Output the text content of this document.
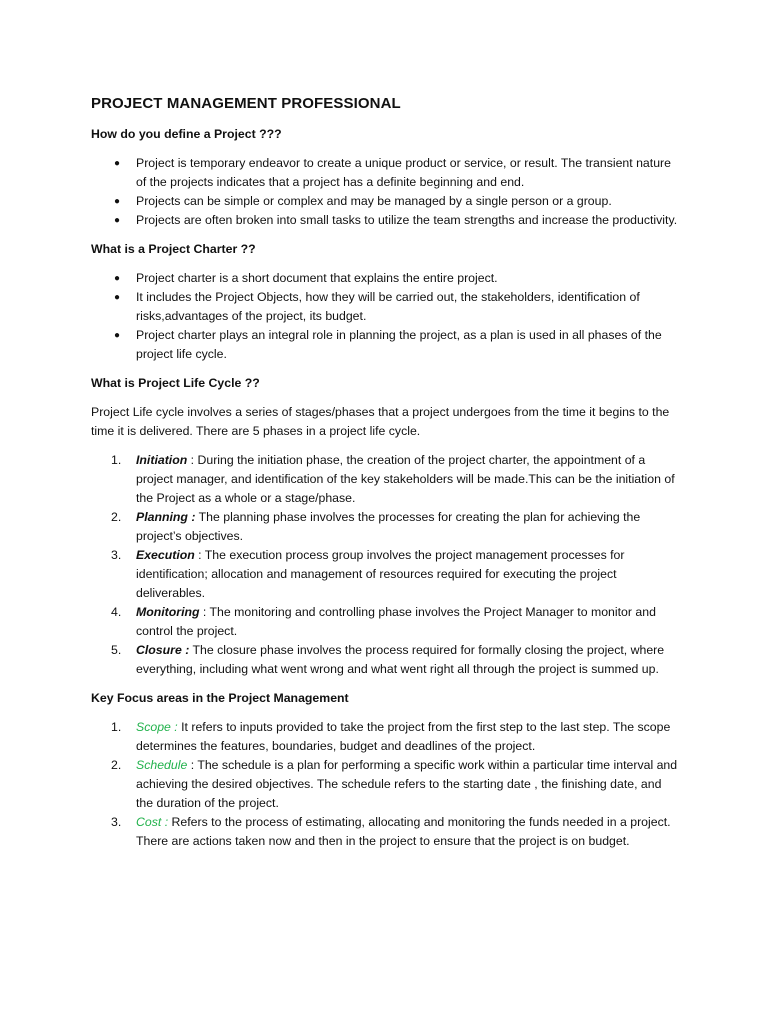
PROJECT MANAGEMENT PROFESSIONAL
How do you define a Project ???
● Project is temporary endeavor to create a unique product or service, or result. The transient nature of the projects indicates that a project has a definite beginning and end.
● Projects can be simple or complex and may be managed by a single person or a group.
● Projects are often broken into small tasks to utilize the team strengths and increase the productivity.
What is a Project Charter ??
● Project charter is a short document that explains the entire project.
● It includes the Project Objects, how they will be carried out, the stakeholders, identification of risks,advantages of the project, its budget.
● Project charter plays an integral role in planning the project, as a plan is used in all phases of the project life cycle.
What is Project Life Cycle ??

Project Life cycle involves a series of stages/phases that a project undergoes from the time it begins to the time it is delivered. There are 5 phases in a project life cycle.

1. Initiation : During the initiation phase, the creation of the project charter, the appointment of a project manager, and identification of the key stakeholders will be made.This can be the initiation of the Project as a whole or a stage/phase.
2. Planning : The planning phase involves the processes for creating the plan for achieving the project’s objectives.
3. Execution : The execution process group involves the project management processes for identification; allocation and management of resources required for executing the project deliverables.
4. Monitoring : The monitoring and controlling phase involves the Project Manager to monitor and control the project.
5. Closure : The closure phase involves the process required for formally closing the project, where everything, including what went wrong and what went right all through the project is summed up.
Key Focus areas in the Project Management
1. Scope : It refers to inputs provided to take the project from the first step to the last step. The scope determines the features, boundaries, budget and deadlines of the project.
2. Schedule : The schedule is a plan for performing a specific work within a particular time interval and achieving the desired objectives. The schedule refers to the starting date , the finishing date, and the duration of the project.
3. Cost : Refers to the process of estimating, allocating and monitoring the funds needed in a project. There are actions taken now and then in the project to ensure that the project is on budget.
